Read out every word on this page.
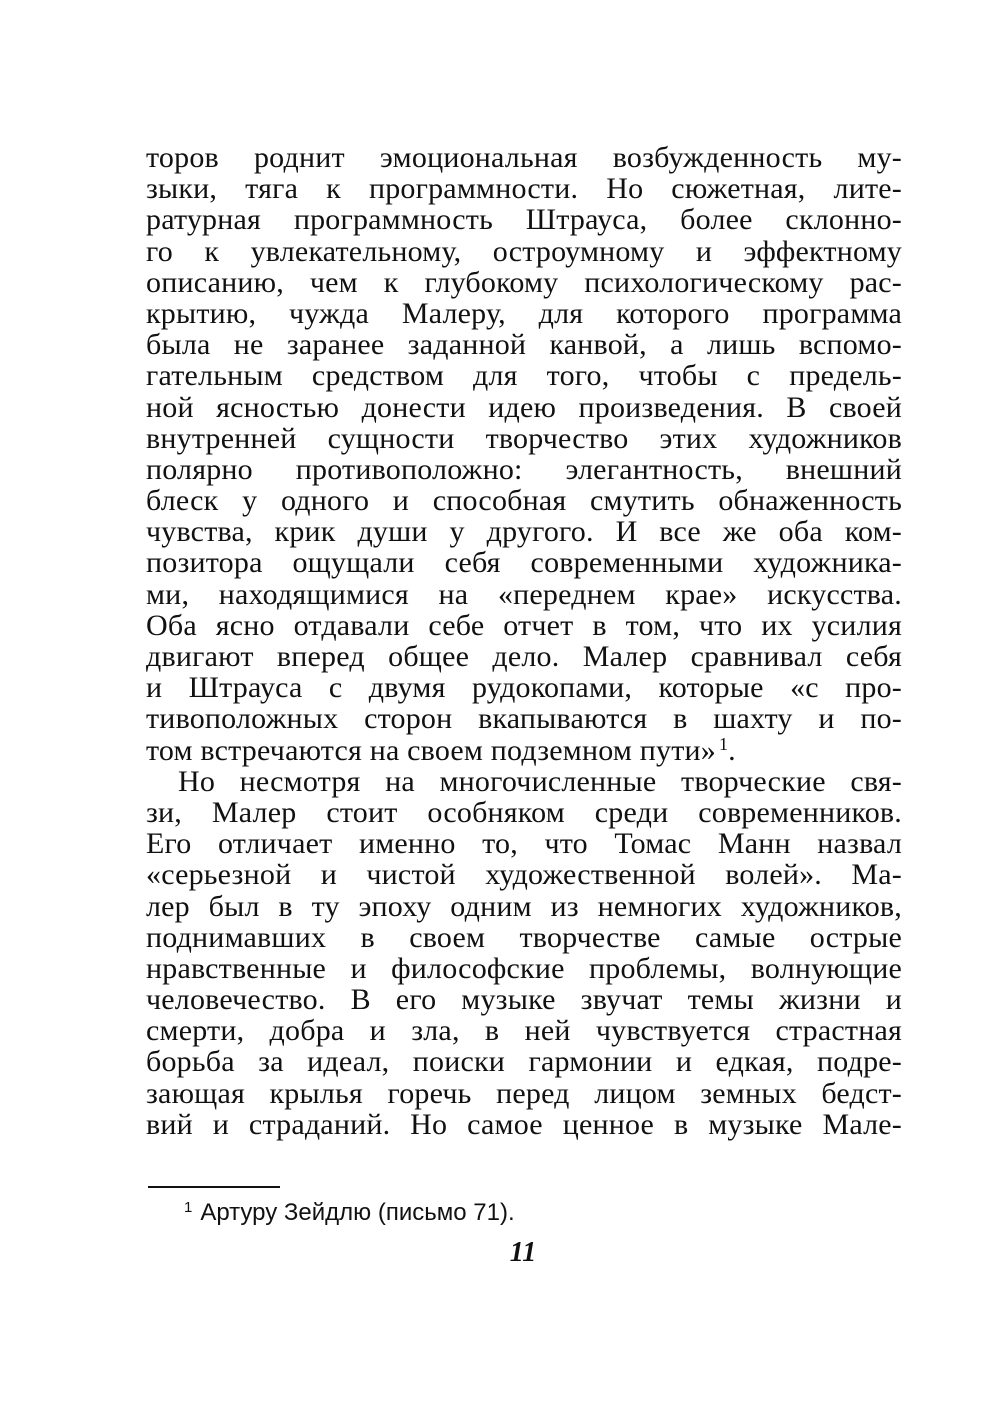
торов роднит эмоциональная возбужденность му-
зыки, тяга к программности. Но сюжетная, лите-
ратурная программность Штрауса, более склонно-
го к увлекательному, остроумному и эффектному
описанию, чем к глубокому психологическому рас-
крытию, чужда Малеру, для которого программа
была не заранее заданной канвой, а лишь вспомо-
гательным средством для того, чтобы с предель-
ной ясностью донести идею произведения. В своей
внутренней сущности творчество этих художников
полярно противоположно: элегантность, внешний
блеск у одного и способная смутить обнаженность
чувства, крик души у другого. И все же оба ком-
позитора ощущали себя современными художника-
ми, находящимися на «переднем крае» искусства.
Оба ясно отдавали себе отчет в том, что их усилия
двигают вперед общее дело. Малер сравнивал себя
и Штрауса с двумя рудокопами, которые «с про-
тивоположных сторон вкапываются в шахту и по-
том встречаются на своем подземном пути» $^1$.
Но несмотря на многочисленные творческие свя-
зи, Малер стоит особняком среди современников.
Его отличает именно то, что Томас Манн назвал
«серьезной и чистой художественной волей». Ма-
лер был в ту эпоху одним из немногих художников,
поднимавших в своем творчестве самые острые
нравственные и философские проблемы, волнующие
человечество. В его музыке звучат темы жизни и
смерти, добра и зла, в ней чувствуется страстная
борьба за идеал, поиски гармонии и едкая, подре-
зающая крылья горечь перед лицом земных бедст-
вий и страданий. Но самое ценное в музыке Мале-
$^1$ Артуру Зейдлю (письмо 71).
11
